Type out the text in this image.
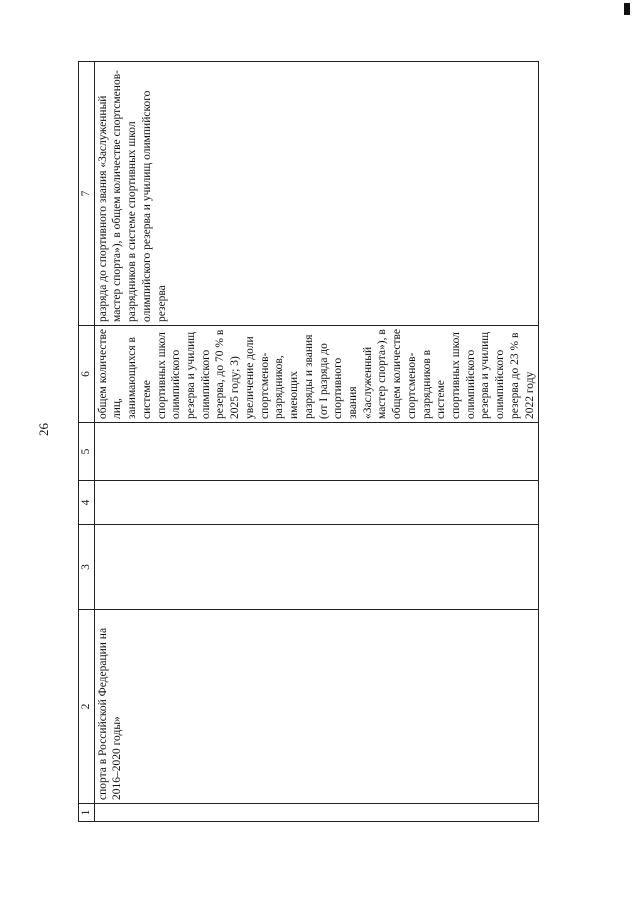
26
1	2	3	4	5	6	7
	спорта в Российской Федерации на 2016–2020 годы»				общем количестве лиц, занимающихся в системе спортивных школ олимпийского резерва и училищ олимпийского резерва, до 70 % в 2025 году; 3) увеличение доли спортсменов-разрядников, имеющих разряды и звания (от I разряда до спортивного звания «Заслуженный мастер спорта»), в общем количестве спортсменов-разрядников в системе спортивных школ олимпийского резерва и училищ олимпийского резерва до 23 % в 2022 году	разряда до спортивного звания «Заслуженный мастер спорта»), в общем количестве спортсменов-разрядников в системе спортивных школ олимпийского резерва и училищ олимпийского резерва
